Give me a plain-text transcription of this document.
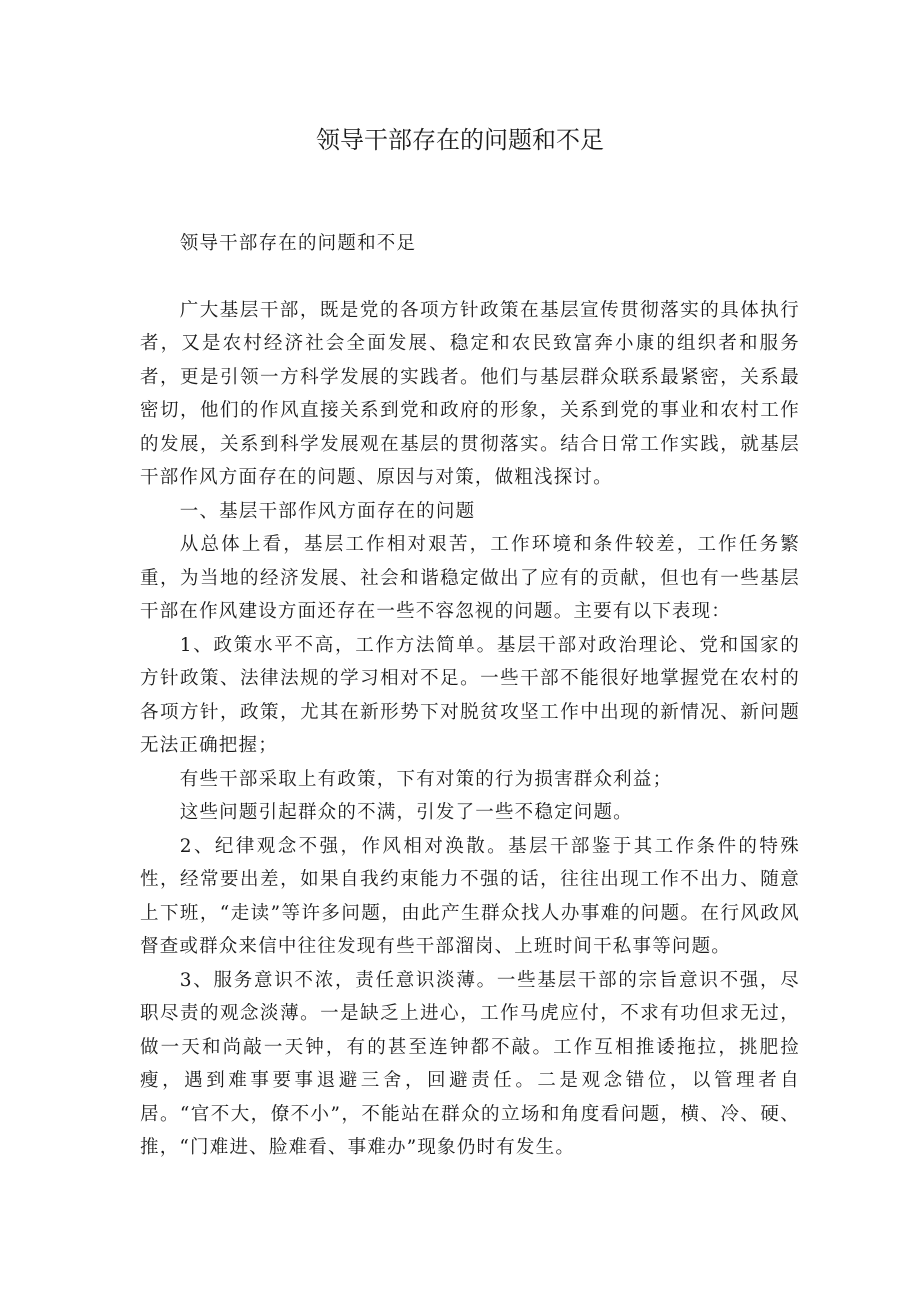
领导干部存在的问题和不足

领导干部存在的问题和不足

广大基层干部，既是党的各项方针政策在基层宣传贯彻落实的具体执行者，又是农村经济社会全面发展、稳定和农民致富奔小康的组织者和服务者，更是引领一方科学发展的实践者。他们与基层群众联系最紧密，关系最密切，他们的作风直接关系到党和政府的形象，关系到党的事业和农村工作的发展，关系到科学发展观在基层的贯彻落实。结合日常工作实践，就基层干部作风方面存在的问题、原因与对策，做粗浅探讨。

一、基层干部作风方面存在的问题

从总体上看，基层工作相对艰苦，工作环境和条件较差，工作任务繁重，为当地的经济发展、社会和谐稳定做出了应有的贡献，但也有一些基层干部在作风建设方面还存在一些不容忽视的问题。主要有以下表现：

1、政策水平不高，工作方法简单。基层干部对政治理论、党和国家的方针政策、法律法规的学习相对不足。一些干部不能很好地掌握党在农村的各项方针，政策，尤其在新形势下对脱贫攻坚工作中出现的新情况、新问题无法正确把握；

有些干部采取上有政策，下有对策的行为损害群众利益；

这些问题引起群众的不满，引发了一些不稳定问题。

2、纪律观念不强，作风相对涣散。基层干部鉴于其工作条件的特殊性，经常要出差，如果自我约束能力不强的话，往往出现工作不出力、随意上下班，“走读”等许多问题，由此产生群众找人办事难的问题。在行风政风督查或群众来信中往往发现有些干部溜岗、上班时间干私事等问题。

3、服务意识不浓，责任意识淡薄。一些基层干部的宗旨意识不强，尽职尽责的观念淡薄。一是缺乏上进心，工作马虎应付，不求有功但求无过，做一天和尚敲一天钟，有的甚至连钟都不敲。工作互相推诿拖拉，挑肥捡瘦，遇到难事要事退避三舍，回避责任。二是观念错位，以管理者自居。“官不大，僚不小”，不能站在群众的立场和角度看问题，横、冷、硬、推，“门难进、脸难看、事难办”现象仍时有发生。
